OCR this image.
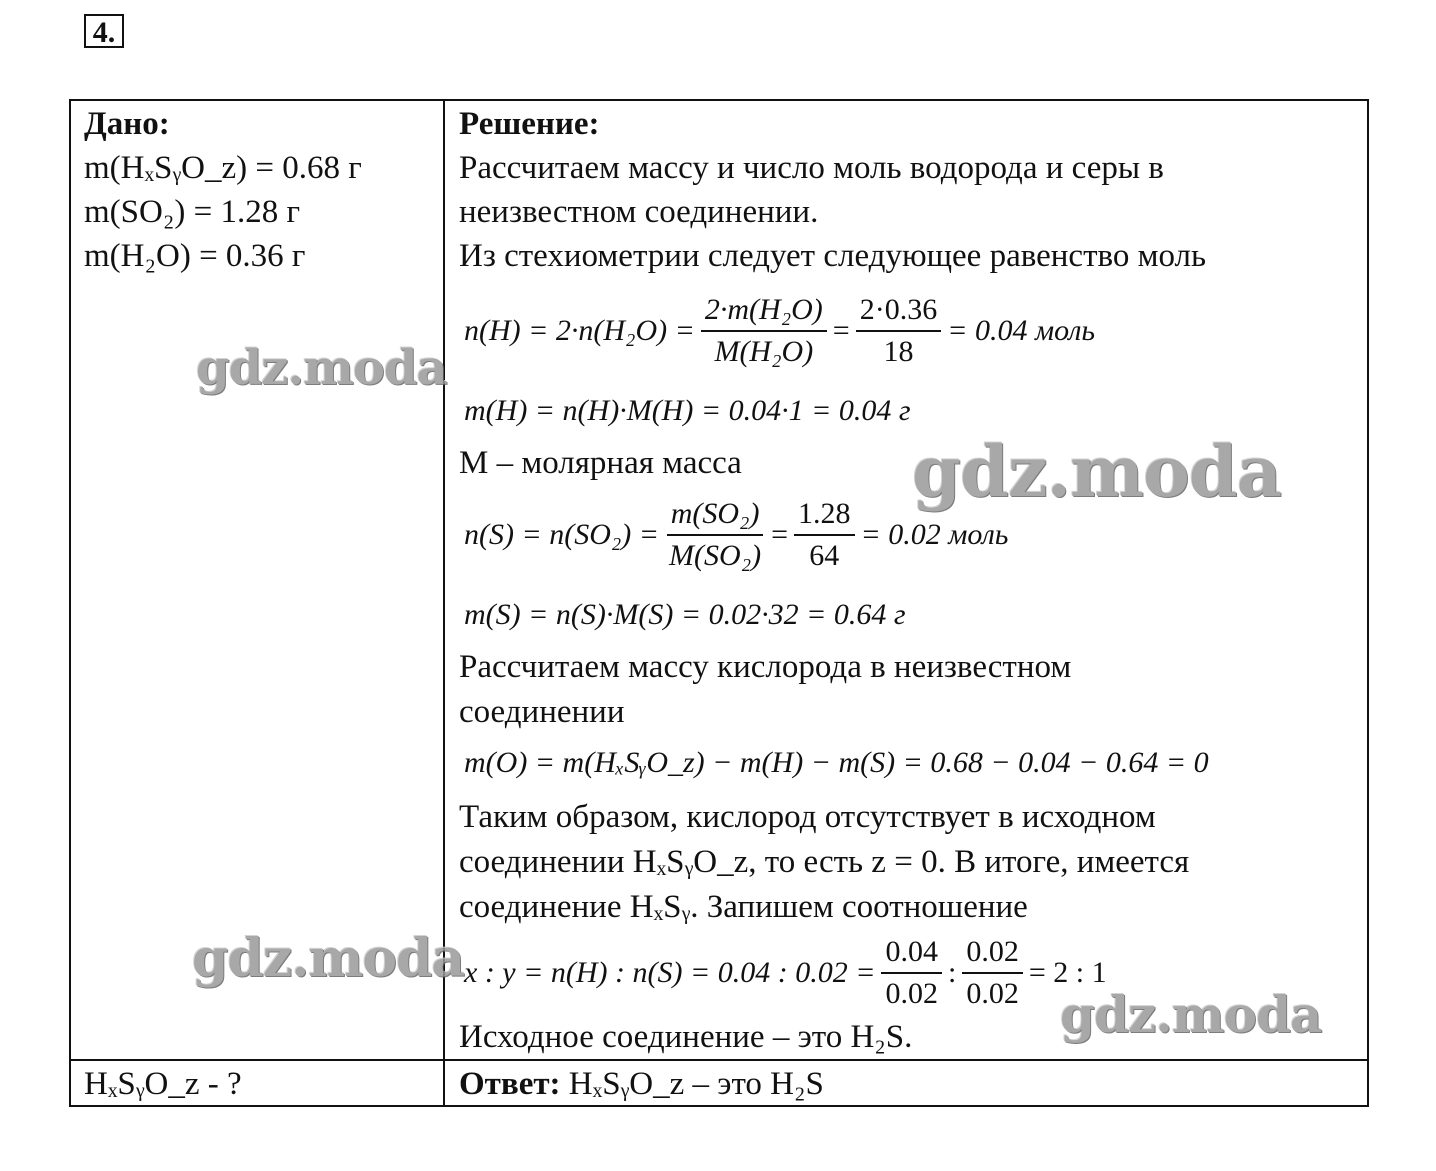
4.
Дано:
m(HₓSᵧO_z) = 0.68 г
m(SO₂) = 1.28 г
m(H₂O) = 0.36 г
HₓSᵧO_z - ?
Решение:
Рассчитаем массу и число моль водорода и серы в
неизвестном соединении.
Из стехиометрии следует следующее равенство моль
$n(H) = 2\cdot n(H_2O) = \frac{\text{2·m(H₂O)}}{\text{M(H₂O)}} = \frac{2\cdot 0.36}{18} = 0.04$ моль
m(H) = n(H)·M(H) = 0.04·1 = 0.04 г
M – молярная масса
$n(S) = n(SO_2) = \frac{\text{m(SO₂)}}{\text{M(SO₂)}} = \frac{1.28}{64} = 0.02$ моль
m(S) = n(S)·M(S) = 0.02·32 = 0.64 г
Рассчитаем массу кислорода в неизвестном
соединении
m(O) = m(HₓSᵧO_z) − m(H) − m(S) = 0.68 − 0.04 − 0.64 = 0
Таким образом, кислород отсутствует в исходном
соединении HₓSᵧO_z, то есть z = 0. В итоге, имеется
соединение HₓSᵧ. Запишем соотношение
x : y = n(H) : n(S) = 0.04 : $0.02 = \frac{0.04}{0.02}$ : $\frac{0.02}{0.02} = 2$ : 1
Исходное соединение – это H₂S.
Ответ: HₓSᵧO_z – это H₂S
gdz.moda
gdz.moda
gdz.moda
gdz.moda
